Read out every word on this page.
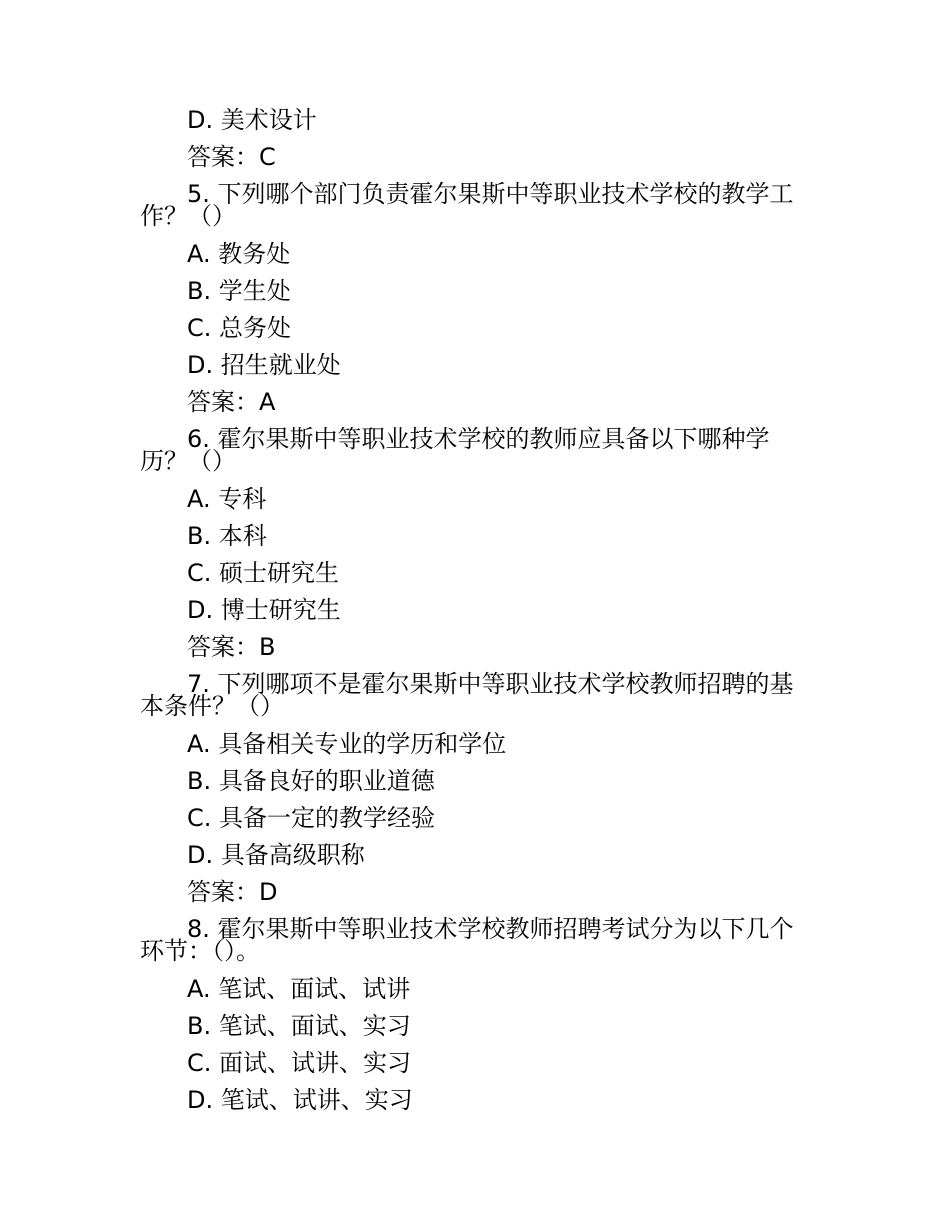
D. 美术设计
答案：C
5. 下列哪个部门负责霍尔果斯中等职业技术学校的教学工
作？（）
A. 教务处
B. 学生处
C. 总务处
D. 招生就业处
答案：A
6. 霍尔果斯中等职业技术学校的教师应具备以下哪种学
历？（）
A. 专科
B. 本科
C. 硕士研究生
D. 博士研究生
答案：B
7. 下列哪项不是霍尔果斯中等职业技术学校教师招聘的基
本条件？（）
A. 具备相关专业的学历和学位
B. 具备良好的职业道德
C. 具备一定的教学经验
D. 具备高级职称
答案：D
8. 霍尔果斯中等职业技术学校教师招聘考试分为以下几个
环节：（）。
A. 笔试、面试、试讲
B. 笔试、面试、实习
C. 面试、试讲、实习
D. 笔试、试讲、实习
